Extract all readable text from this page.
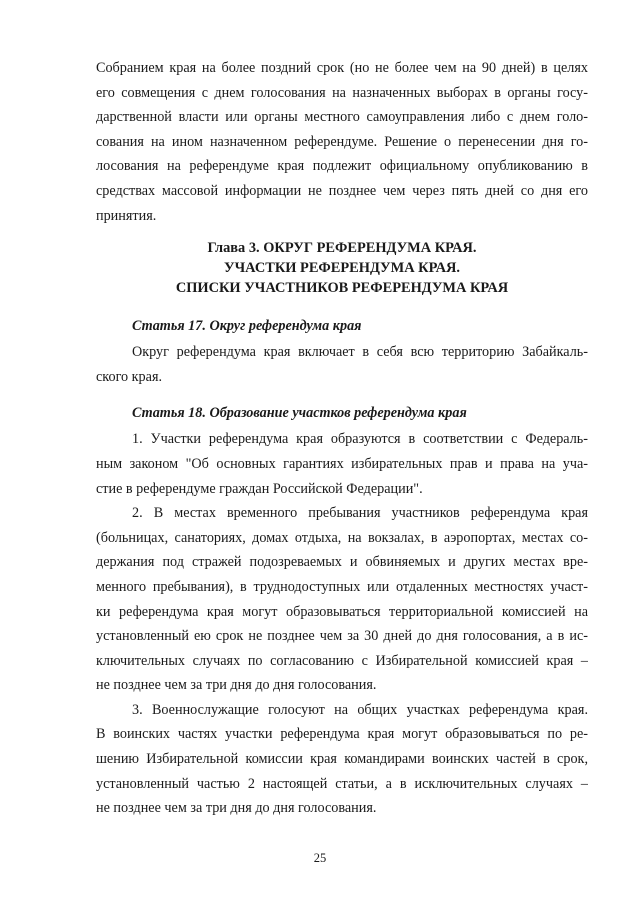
Собранием края на более поздний срок (но не более чем на 90 дней) в целях
его совмещения с днем голосования на назначенных выборах в органы госу-
дарственной власти или органы местного самоуправления либо с днем голо-
сования на ином назначенном референдуме. Решение о перенесении дня го-
лосования на референдуме края подлежит официальному опубликованию в
средствах массовой информации не позднее чем через пять дней со дня его
принятия.
Глава 3. ОКРУГ РЕФЕРЕНДУМА КРАЯ.
УЧАСТКИ РЕФЕРЕНДУМА КРАЯ.
СПИСКИ УЧАСТНИКОВ РЕФЕРЕНДУМА КРАЯ
Статья 17. Округ референдума края
Округ референдума края включает в себя всю территорию Забайкаль-
ского края.
Статья 18. Образование участков референдума края
1. Участки референдума края образуются в соответствии с Федераль-
ным законом "Об основных гарантиях избирательных прав и права на уча-
стие в референдуме граждан Российской Федерации".
2. В местах временного пребывания участников референдума края
(больницах, санаториях, домах отдыха, на вокзалах, в аэропортах, местах со-
держания под стражей подозреваемых и обвиняемых и других местах вре-
менного пребывания), в труднодоступных или отдаленных местностях участ-
ки референдума края могут образовываться территориальной комиссией на
установленный ею срок не позднее чем за 30 дней до дня голосования, а в ис-
ключительных случаях по согласованию с Избирательной комиссией края –
не позднее чем за три дня до дня голосования.
3. Военнослужащие голосуют на общих участках референдума края.
В воинских частях участки референдума края могут образовываться по ре-
шению Избирательной комиссии края командирами воинских частей в срок,
установленный частью 2 настоящей статьи, а в исключительных случаях –
не позднее чем за три дня до дня голосования.
25
